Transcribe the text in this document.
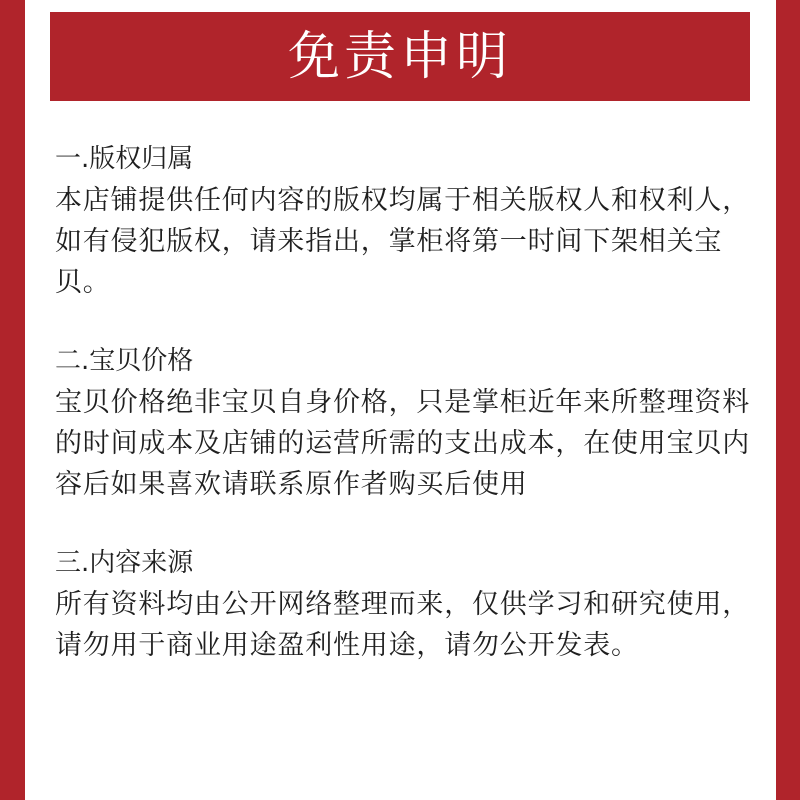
免责申明

一.版权归属

本店铺提供任何内容的版权均属于相关版权人和权利人，如有侵犯版权，请来指出，掌柜将第一时间下架相关宝贝。

二.宝贝价格

宝贝价格绝非宝贝自身价格，只是掌柜近年来所整理资料的时间成本及店铺的运营所需的支出成本，在使用宝贝内容后如果喜欢请联系原作者购买后使用

三.内容来源

所有资料均由公开网络整理而来，仅供学习和研究使用，请勿用于商业用途盈利性用途，请勿公开发表。
